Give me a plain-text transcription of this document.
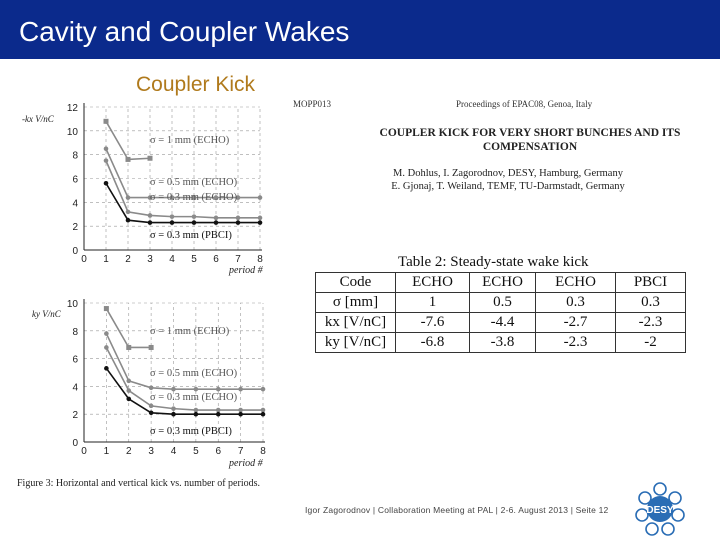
Cavity and Coupler Wakes
Coupler Kick
-kx V/nC
period #
0 1 2 3 4 5 6 7 8
0
2
4
6
8
10
12
σ = 1 mm (ECHO)
σ = 0.5 mm (ECHO)
σ = 0.3 mm (ECHO)
σ = 0.3 mm (PBCI)
ky V/nC
period #
0 1 2 3 4 5 6 7 8
0
2
4
6
8
10
σ = 1 mm (ECHO)
σ = 0.5 mm (ECHO)
σ = 0.3 mm (ECHO)
σ = 0.3 mm (PBCI)
MOPP013	Proceedings of EPAC08, Genoa, Italy
COUPLER KICK FOR VERY SHORT BUNCHES AND ITS
COMPENSATION
M. Dohlus, I. Zagorodnov, DESY, Hamburg, Germany
E. Gjonaj, T. Weiland, TEMF, TU-Darmstadt, Germany
Table 2: Steady-state wake kick
Code	ECHO	ECHO	ECHO	PBCI
σ [mm]	1	0.5	0.3	0.3
kx [V/nC]	-7.6	-4.4	-2.7	-2.3
ky [V/nC]	-6.8	-3.8	-2.3	-2
Figure 3: Horizontal and vertical kick vs. number of periods.
Igor Zagorodnov | Collaboration Meeting at PAL | 2-6. August 2013 | Seite 12	DESY
